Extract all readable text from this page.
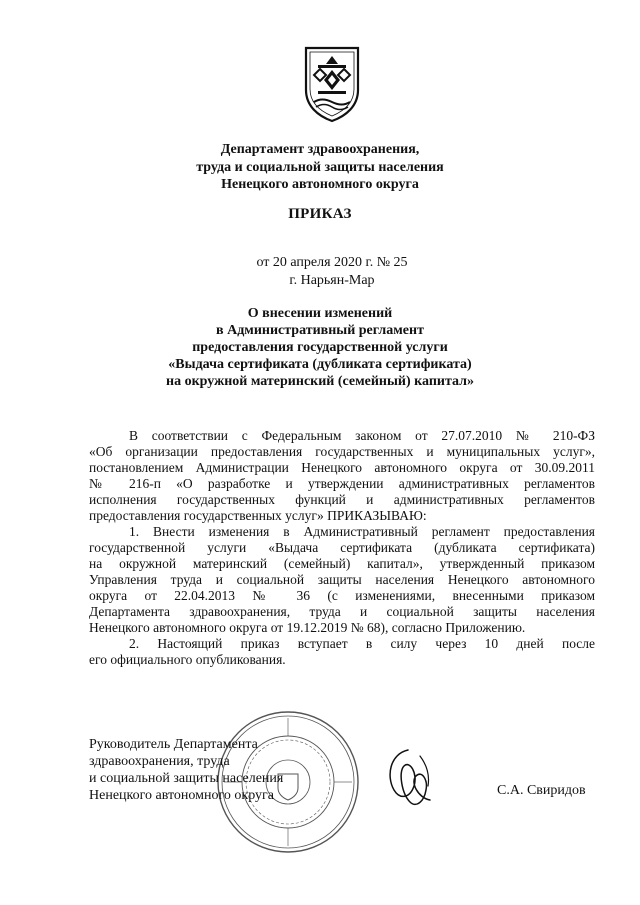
Департамент здравоохранения,
труда и социальной защиты населения
Ненецкого автономного округа
ПРИКАЗ
от 20 апреля 2020 г. № 25
г. Нарьян-Мар
О внесении изменений
в Административный регламент
предоставления государственной услуги
«Выдача сертификата (дубликата сертификата)
на окружной материнский (семейный) капитал»

В соответствии с Федеральным законом от 27.07.2010 № 210-ФЗ
«Об организации предоставления государственных и муниципальных услуг»,
постановлением Администрации Ненецкого автономного округа от 30.09.2011
№ 216-п «О разработке и утверждении административных регламентов
исполнения государственных функций и административных регламентов
предоставления государственных услуг» ПРИКАЗЫВАЮ:

1. Внести изменения в Административный регламент предоставления
государственной услуги «Выдача сертификата (дубликата сертификата)
на окружной материнский (семейный) капитал», утвержденный приказом
Управления труда и социальной защиты населения Ненецкого автономного
округа от 22.04.2013 № 36 (с изменениями, внесенными приказом
Департамента здравоохранения, труда и социальной защиты населения
Ненецкого автономного округа от 19.12.2019 № 68), согласно Приложению.

2. Настоящий приказ вступает в силу через 10 дней после
его официального опубликования.

Руководитель Департамента
здравоохранения, труда
и социальной защиты населения
Ненецкого автономного округа	С.А. Свиридов
